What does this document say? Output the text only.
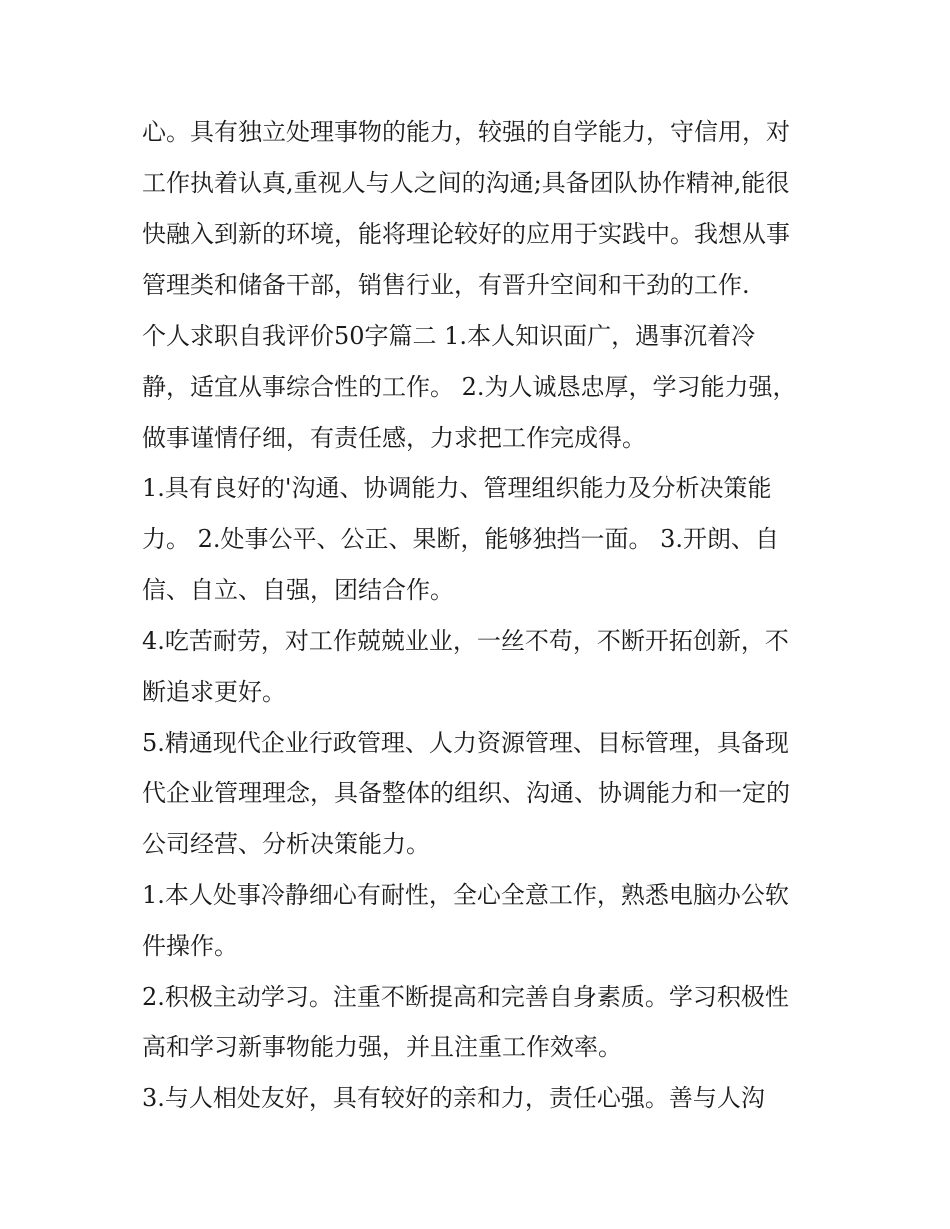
心。具有独立处理事物的能力，较强的自学能力，守信用，对

工作执着认真,重视人与人之间的沟通;具备团队协作精神,能很

快融入到新的环境，能将理论较好的应用于实践中。我想从事

管理类和储备干部，销售行业，有晋升空间和干劲的工作.

个人求职自我评价50字篇二 1.本人知识面广，遇事沉着冷

静，适宜从事综合性的工作。 2.为人诚恳忠厚，学习能力强，

做事谨情仔细，有责任感，力求把工作完成得。

1.具有良好的'沟通、协调能力、管理组织能力及分析决策能

力。 2.处事公平、公正、果断，能够独挡一面。 3.开朗、自

信、自立、自强，团结合作。

4.吃苦耐劳，对工作兢兢业业，一丝不苟，不断开拓创新，不

断追求更好。

5.精通现代企业行政管理、人力资源管理、目标管理，具备现

代企业管理理念，具备整体的组织、沟通、协调能力和一定的

公司经营、分析决策能力。

1.本人处事冷静细心有耐性，全心全意工作，熟悉电脑办公软

件操作。

2.积极主动学习。注重不断提高和完善自身素质。学习积极性

高和学习新事物能力强，并且注重工作效率。

3.与人相处友好，具有较好的亲和力，责任心强。善与人沟
